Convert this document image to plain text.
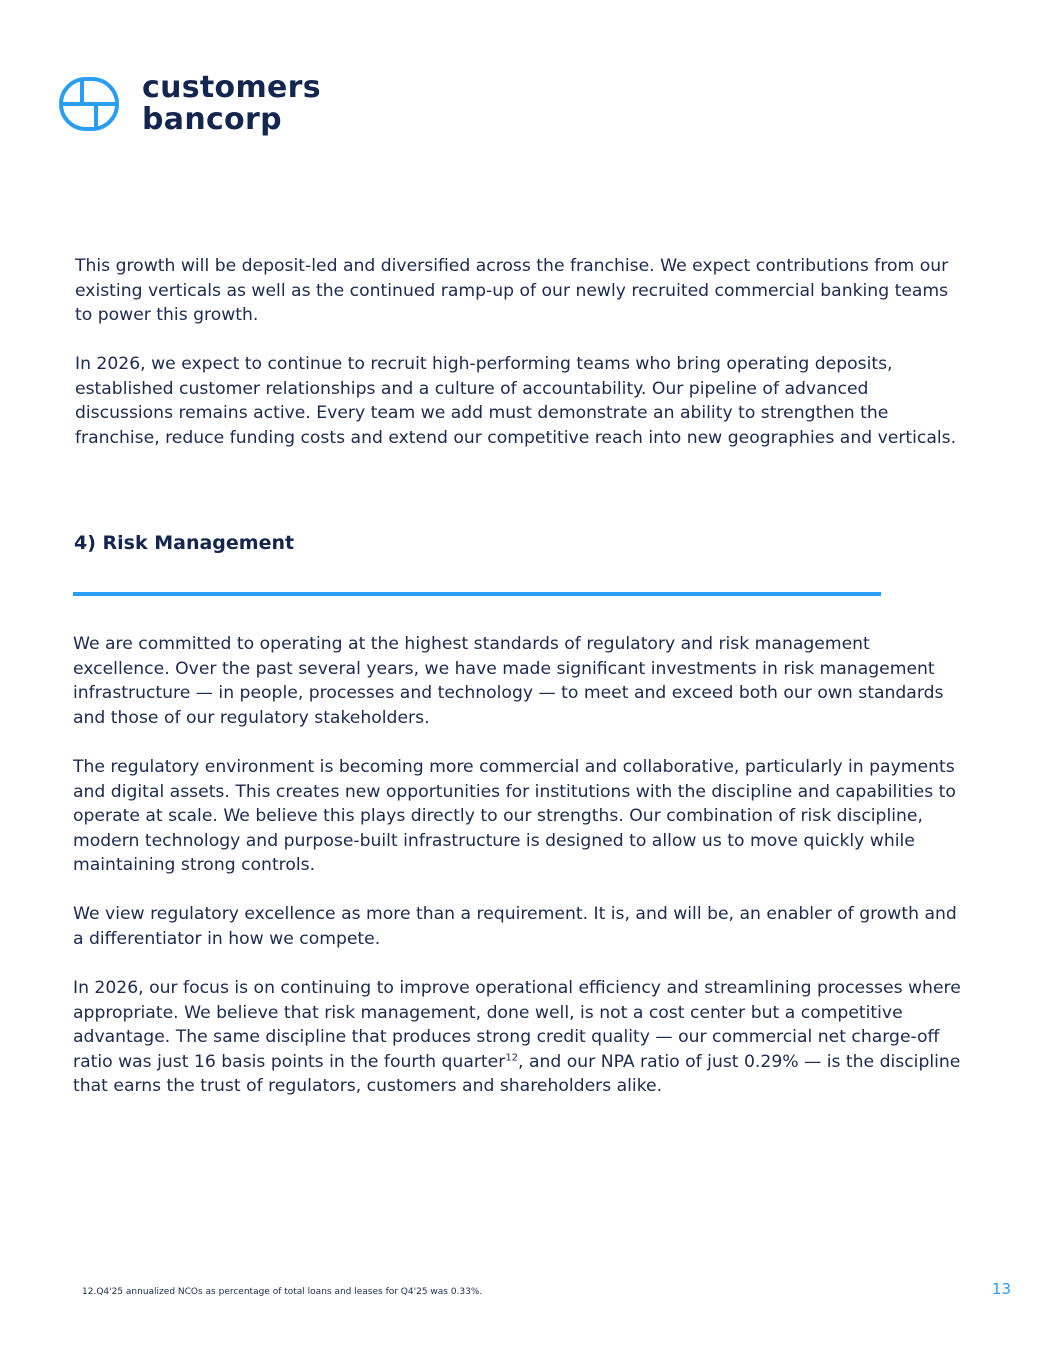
customers
bancorp

This growth will be deposit-led and diversified across the franchise. We expect contributions from our existing verticals as well as the continued ramp-up of our newly recruited commercial banking teams to power this growth.

In 2026, we expect to continue to recruit high-performing teams who bring operating deposits, established customer relationships and a culture of accountability. Our pipeline of advanced discussions remains active. Every team we add must demonstrate an ability to strengthen the franchise, reduce funding costs and extend our competitive reach into new geographies and verticals.

4) Risk Management

We are committed to operating at the highest standards of regulatory and risk management excellence. Over the past several years, we have made significant investments in risk management infrastructure — in people, processes and technology — to meet and exceed both our own standards and those of our regulatory stakeholders.

The regulatory environment is becoming more commercial and collaborative, particularly in payments and digital assets. This creates new opportunities for institutions with the discipline and capabilities to operate at scale. We believe this plays directly to our strengths. Our combination of risk discipline, modern technology and purpose-built infrastructure is designed to allow us to move quickly while maintaining strong controls.

We view regulatory excellence as more than a requirement. It is, and will be, an enabler of growth and a differentiator in how we compete.

In 2026, our focus is on continuing to improve operational efficiency and streamlining processes where appropriate. We believe that risk management, done well, is not a cost center but a competitive advantage. The same discipline that produces strong credit quality — our commercial net charge-off ratio was just 16 basis points in the fourth quarter$^{12}$, and our NPA ratio of just 0.29% — is the discipline that earns the trust of regulators, customers and shareholders alike.

12.Q4'25 annualized NCOs as percentage of total loans and leases for Q4'25 was 0.33%.	13
